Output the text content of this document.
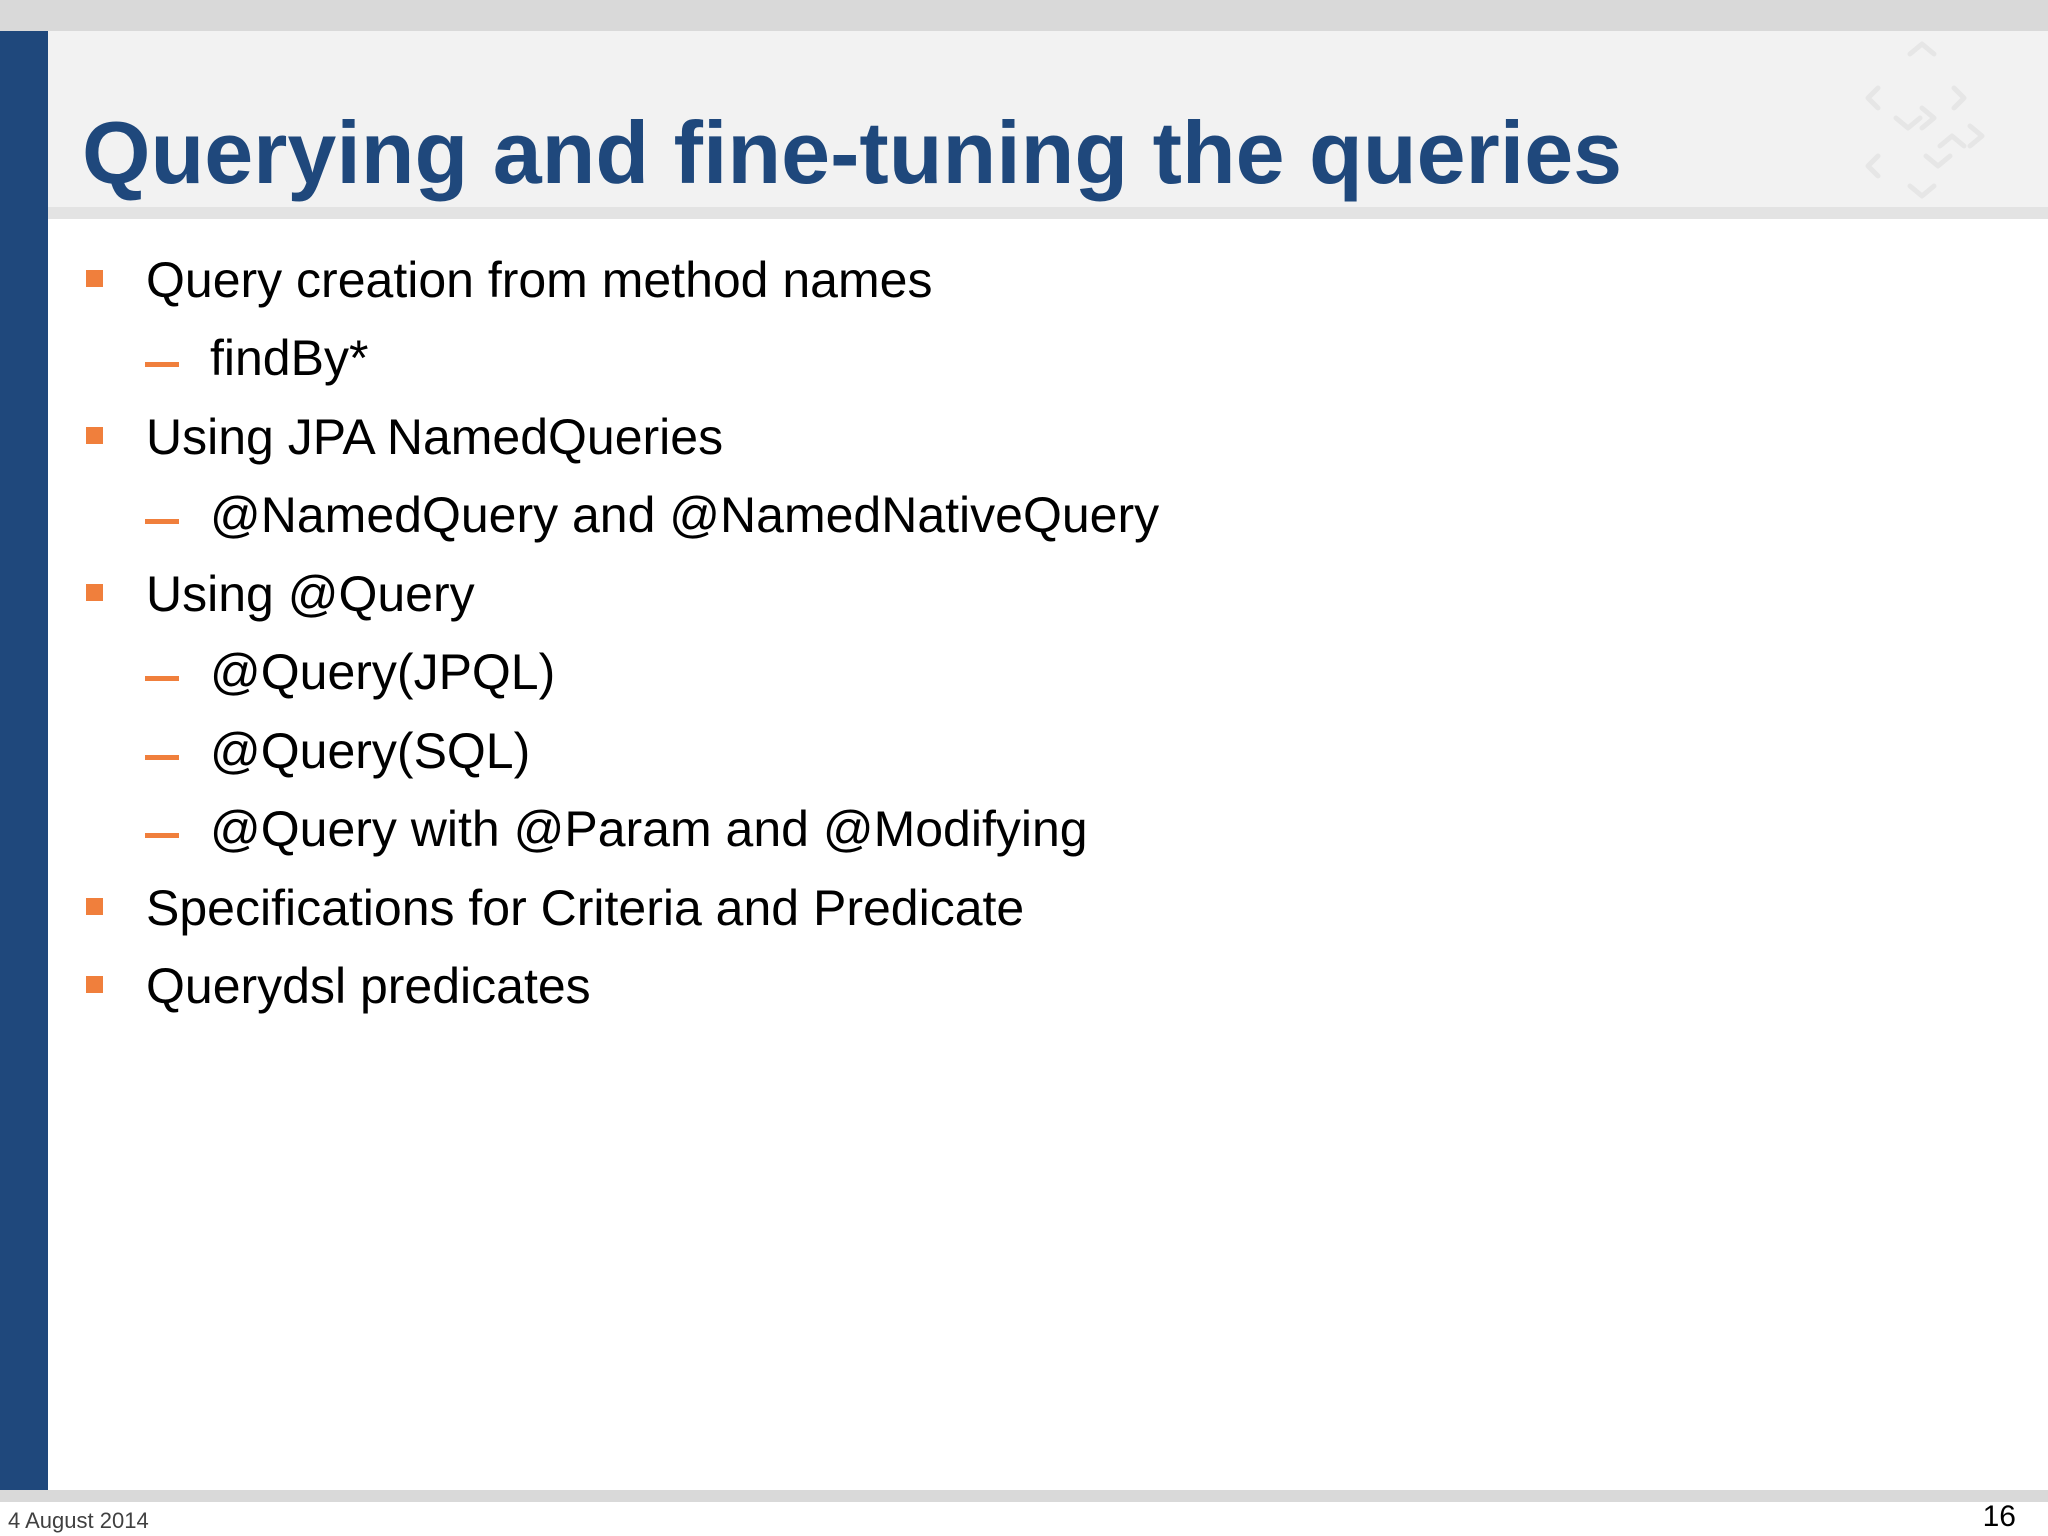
Querying and fine-tuning the queries
Query creation from method names
findBy*
Using JPA NamedQueries
@NamedQuery and @NamedNativeQuery
Using @Query
@Query(JPQL)
@Query(SQL)
@Query with @Param and @Modifying
Specifications for Criteria and Predicate
Querydsl predicates
4 August 2014	16
